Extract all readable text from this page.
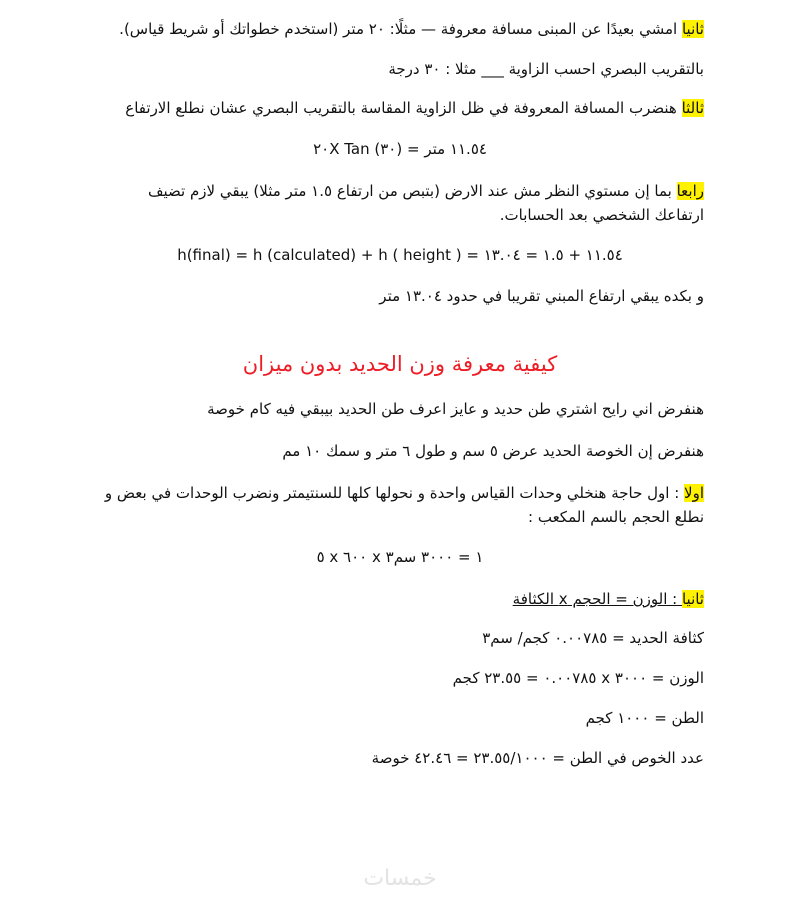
ثانيا امشي بعيدًا عن المبنى مسافة معروفة — مثلًا: ٢٠ متر (استخدم خطواتك أو شريط قياس).
بالتقريب البصري احسب الزاوية ___ مثلا : ٣٠ درجة
ثالثا هنضرب المسافة المعروفة في ظل الزاوية المقاسة بالتقريب البصري عشان نطلع الارتفاع
٢٠X Tan (٣٠) = ١١.٥٤ متر
رابعا بما إن مستوي النظر مش عند الارض (بتبص من ارتفاع ١.٥ متر مثلا) يبقي لازم تضيف ارتفاعك الشخصي بعد الحسابات.
h(final) = h (calculated) + h ( height ) = ١١.٥٤ + ١.٥ = ١٣.٠٤
و بكده يبقي ارتفاع المبني تقريبا في حدود ١٣.٠٤ متر
كيفية معرفة وزن الحديد بدون ميزان
هنفرض اني رايح اشتري طن حديد و عايز اعرف طن الحديد بيبقي فيه كام خوصة
هنفرض إن الخوصة الحديد عرض ٥ سم و طول ٦ متر و سمك ١٠ مم
اولا : اول حاجة هنخلي وحدات القياس واحدة و نحولها كلها للسنتيمتر ونضرب الوحدات في بعض و نطلع الحجم بالسم المكعب :
٥ x ٦٠٠ x ١ = ٣٠٠٠ سم٣
ثانيا : الوزن = الحجم x الكثافة
كثافة الحديد = ٠.٠٠٧٨٥ كجم/ سم٣
الوزن = ٣٠٠٠ x ٠.٠٠٧٨٥ = ٢٣.٥٥ كجم
الطن = ١٠٠٠ كجم
عدد الخوص في الطن = ٢٣.٥٥/١٠٠٠ = ٤٢.٤٦ خوصة
خمسات
